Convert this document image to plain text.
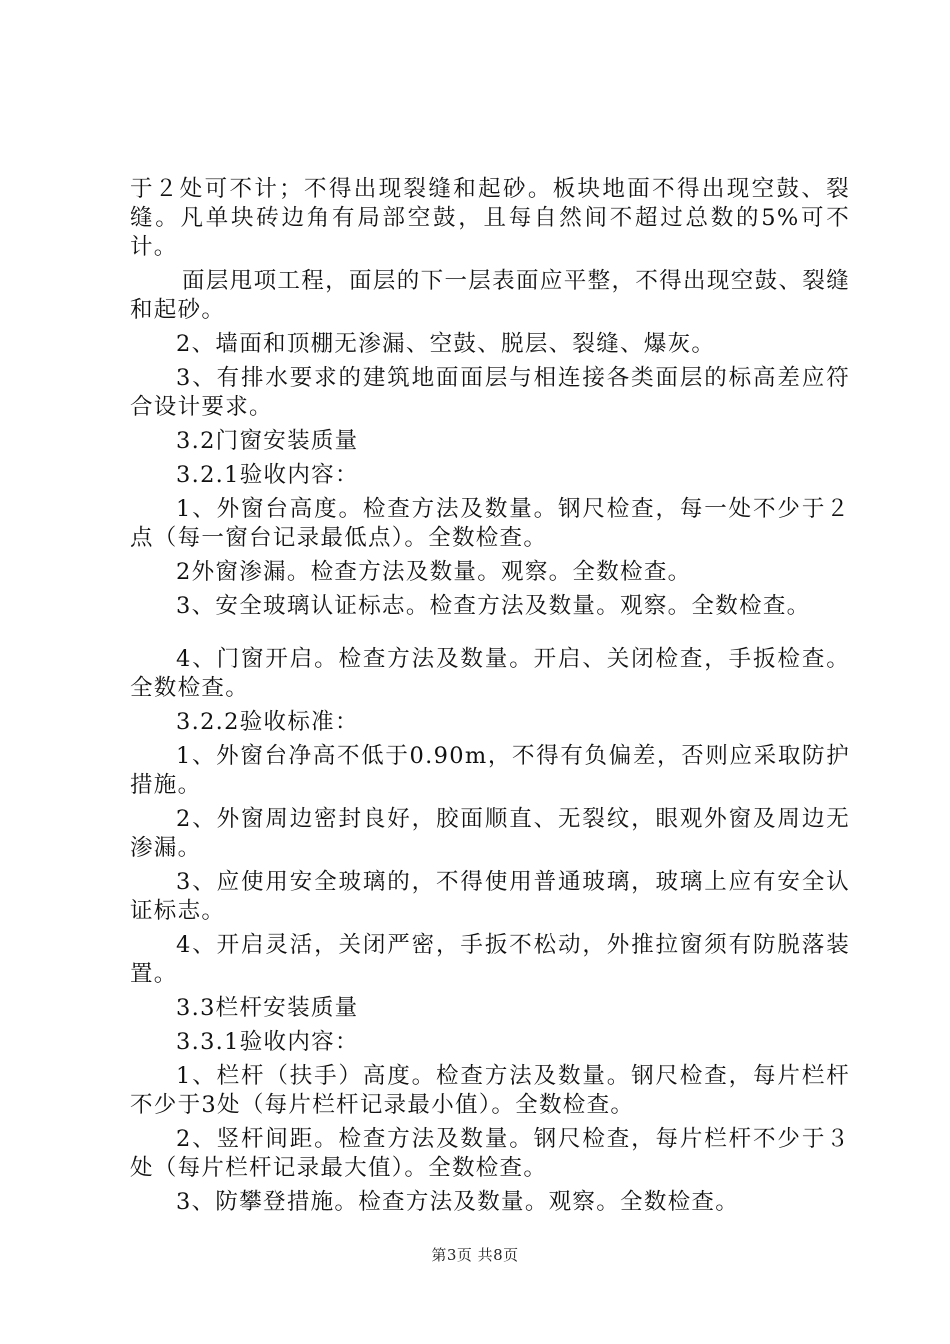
于２处可不计；不得出现裂缝和起砂。板块地面不得出现空鼓、裂缝。凡单块砖边角有局部空鼓，且每自然间不超过总数的5%可不计。

面层甩项工程，面层的下一层表面应平整，不得出现空鼓、裂缝和起砂。

2、墙面和顶棚无渗漏、空鼓、脱层、裂缝、爆灰。

3、有排水要求的建筑地面面层与相连接各类面层的标高差应符合设计要求。

3.2门窗安装质量

3.2.1验收内容：

1、外窗台高度。检查方法及数量。钢尺检查，每一处不少于２点（每一窗台记录最低点）。全数检查。

2外窗渗漏。检查方法及数量。观察。全数检查。

3、安全玻璃认证标志。检查方法及数量。观察。全数检查。

4、门窗开启。检查方法及数量。开启、关闭检查，手扳检查。全数检查。

3.2.2验收标准：

1、外窗台净高不低于0.90m，不得有负偏差，否则应采取防护措施。

2、外窗周边密封良好，胶面顺直、无裂纹，眼观外窗及周边无渗漏。

3、应使用安全玻璃的，不得使用普通玻璃，玻璃上应有安全认证标志。

4、开启灵活，关闭严密，手扳不松动，外推拉窗须有防脱落装置。

3.3栏杆安装质量

3.3.1验收内容：

1、栏杆（扶手）高度。检查方法及数量。钢尺检查，每片栏杆不少于3处（每片栏杆记录最小值）。全数检查。

2、竖杆间距。检查方法及数量。钢尺检查，每片栏杆不少于３处（每片栏杆记录最大值）。全数检查。

3、防攀登措施。检查方法及数量。观察。全数检查。

第3页 共8页
